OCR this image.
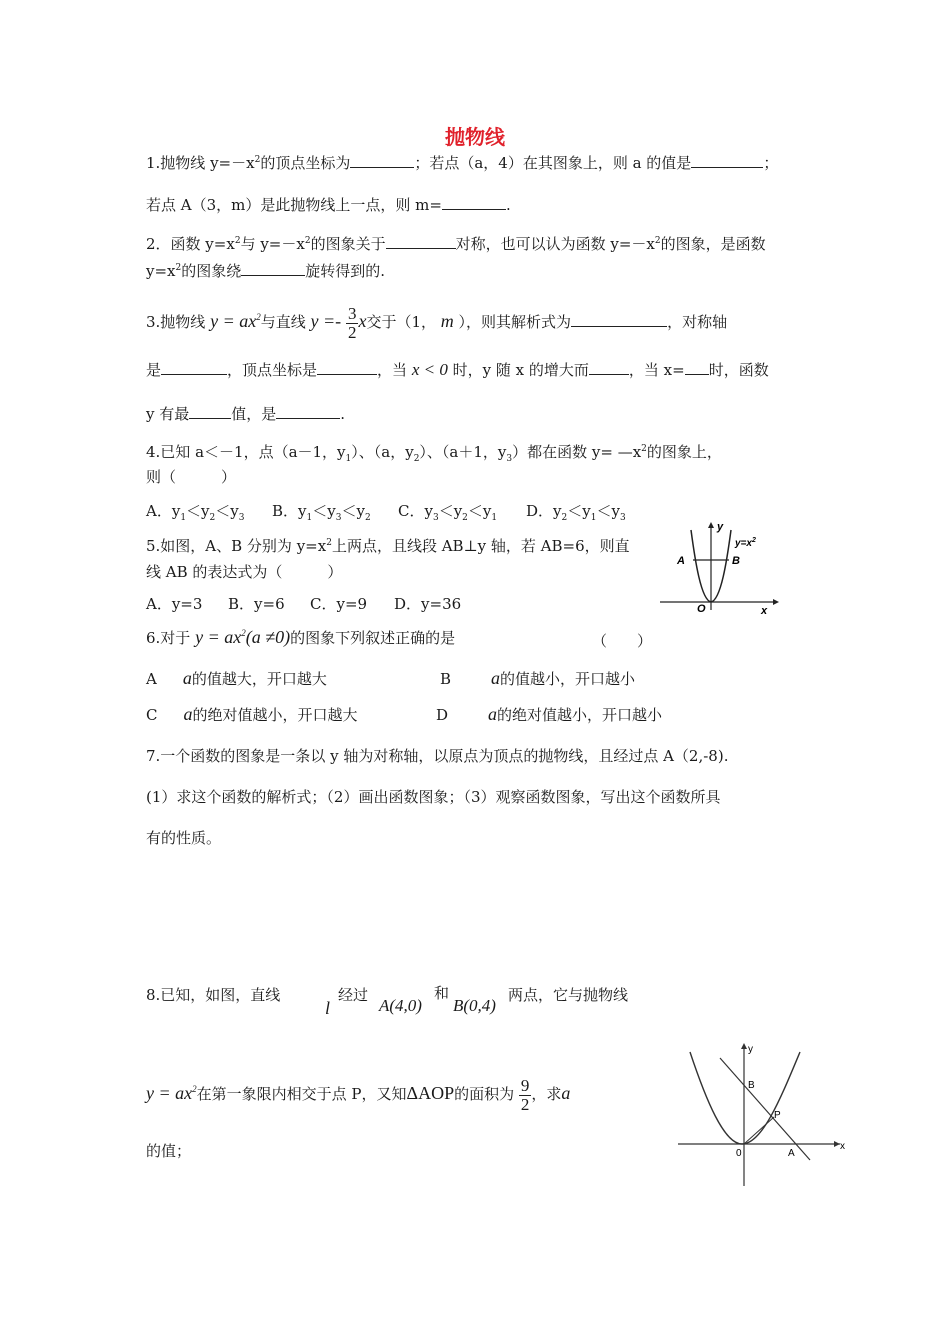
抛物线
1.抛物线 $y=-x^2$的顶点坐标为	；若点（a，4）在其图象上，则 a 的值是	；
若点 A（3，m）是此抛物线上一点，则 m=	.
2．函数 $y=x^2$与 $y=-x^2$的图象关于	对称，也可以认为函数 $y=-x^2$的图象，是函数
$y=x^2$的图象绕	旋转得到的.
3.抛物线 $y = ax^2$与直线 $y =- \frac{3}{2}$ x交于（1， m ），则其解析式为	，对称轴
是	，顶点坐标是	，当 x < 0 时，y 随 x 的增大而	，当 x= 时，函数
y 有最	值，是	.
4.已知 a＜－1，点（a－1，$y_1$）、（a，$y_2$）、（a＋1，$y_3$）都在函数 $y= —x^2$的图象上，
则（　　　）
A．$y_1<y_2<y_3$ B．$y_1<y_3<y_2$ C．$y_3<y_2<y_1$ D．$y_2<y_1<y_3$
5.如图，A、B 分别为 $y=x^2$上两点，且线段 AB⊥y 轴，若 AB=6，则直
线 AB 的表达式为（　　　）
A．y=3 B．y=6 C．y=9 D．y=36
y
$y=x^2$
A	B
O	x
6.对于 $y = ax^2(a \ne 0)$的图象下列叙述正确的是	（　　）
A a的值越大，开口越大	B a的值越小，开口越小
C a的绝对值越小，开口越大	D a的绝对值越小，开口越小
7.一个函数的图象是一条以 y 轴为对称轴，以原点为顶点的抛物线，且经过点 A（2,-8).
(1）求这个函数的解析式；（2）画出函数图象；（3）观察函数图象，写出这个函数所具
有的性质。
8.已知，如图，直线
l
经过
A(4,0)
和
B(0,4)
两点，它与抛物线
$y = ax^2$在第一象限内相交于点 P，又知ΔAOP的面积为 $\frac{9}{2}$ ，求a
的值；
y
B
P
0	A
x
